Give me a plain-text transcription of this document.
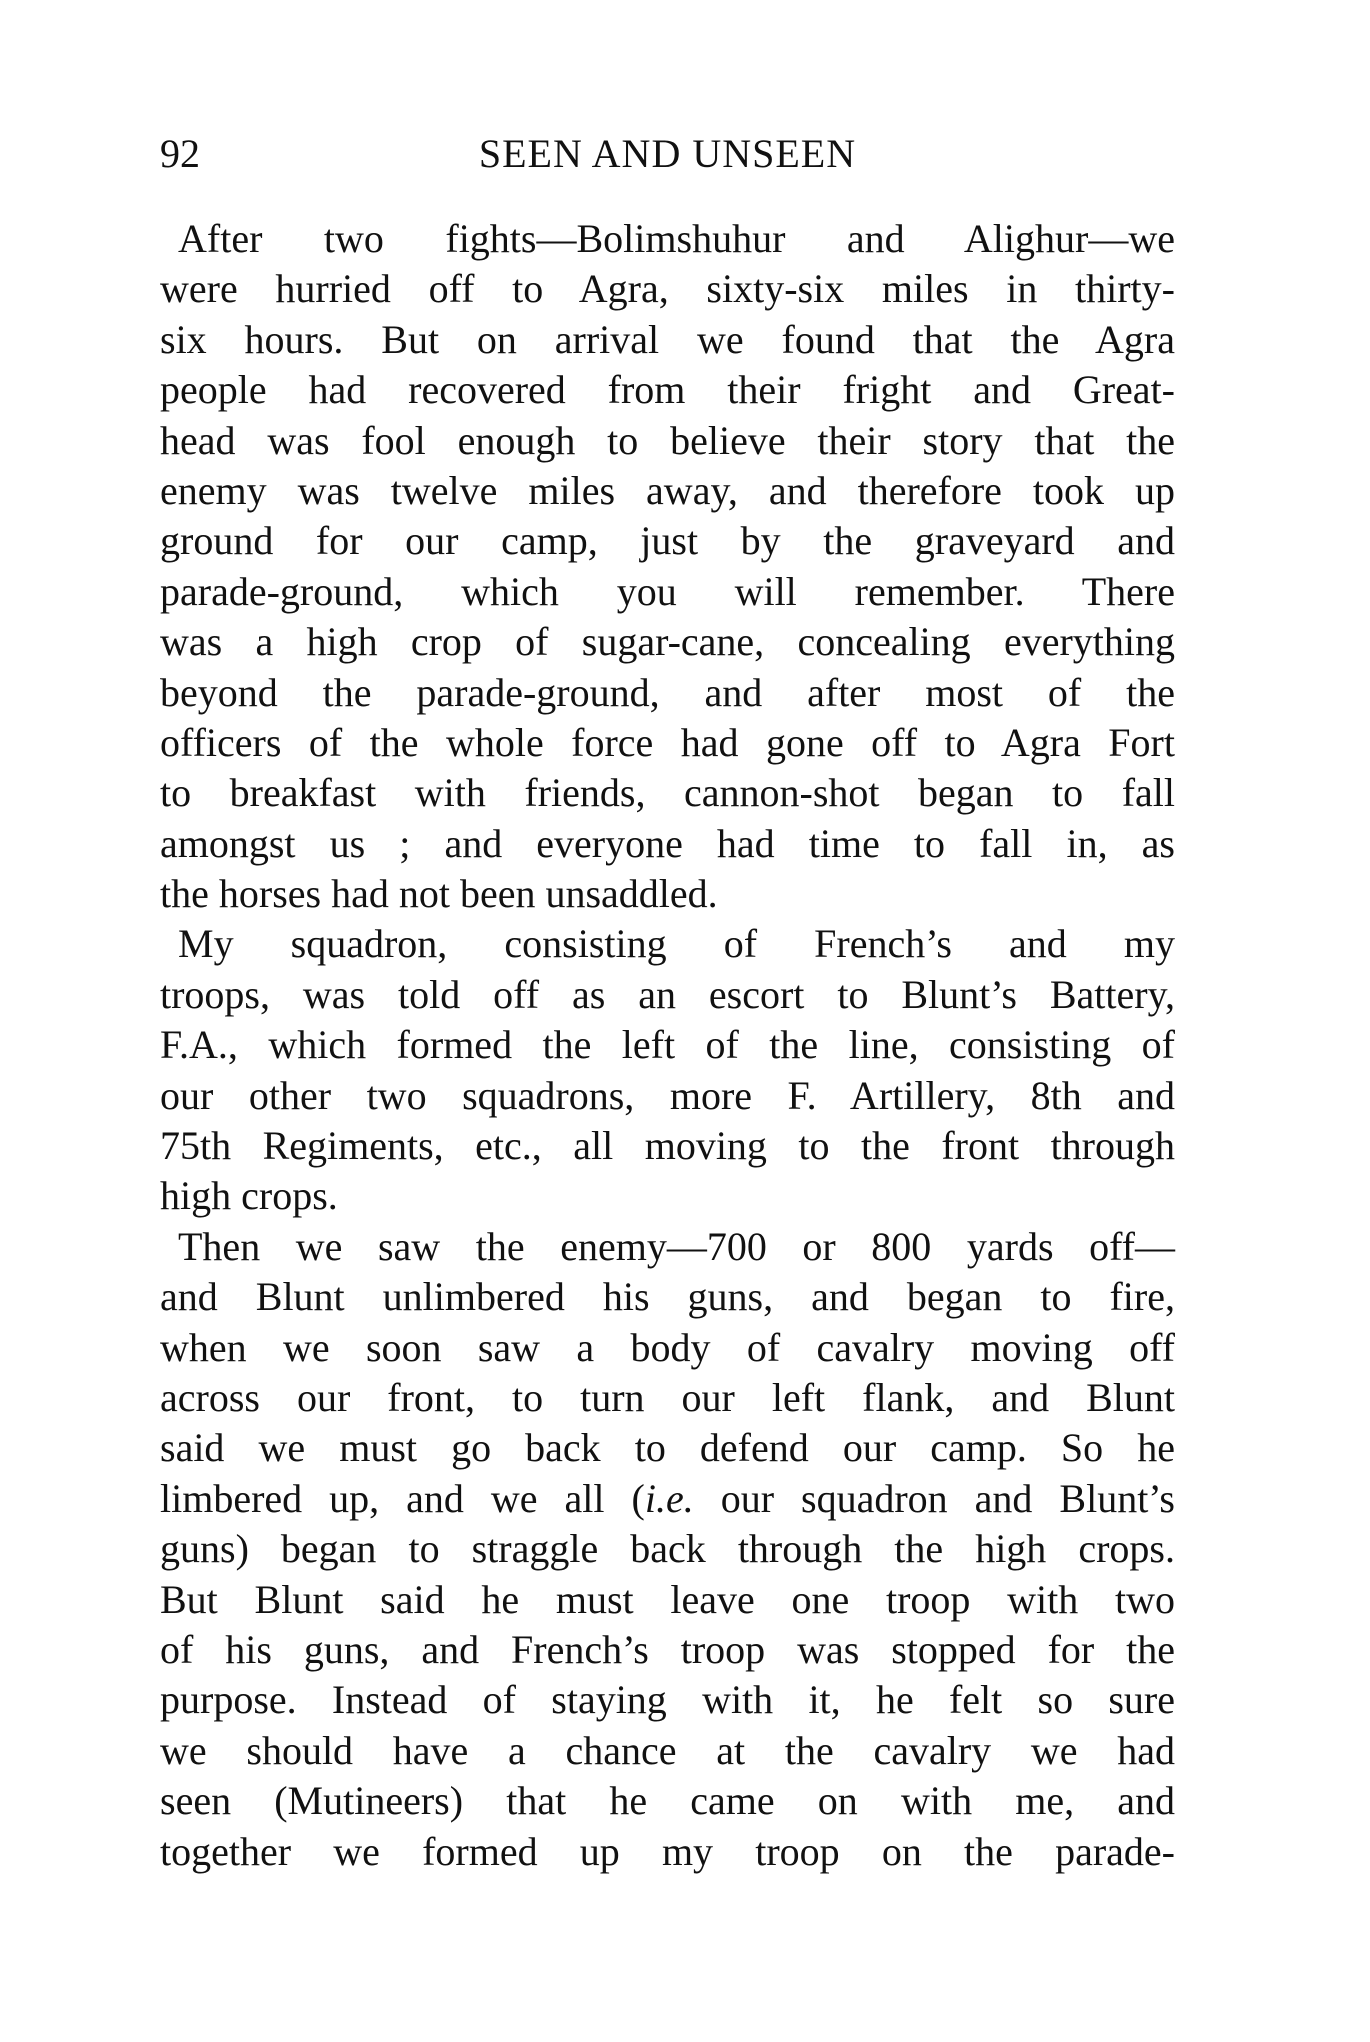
92	SEEN AND UNSEEN
After two fights—Bolimshuhur and Alighur—we
were hurried off to Agra, sixty-six miles in thirty-
six hours. But on arrival we found that the Agra
people had recovered from their fright and Great-
head was fool enough to believe their story that the
enemy was twelve miles away, and therefore took up
ground for our camp, just by the graveyard and
parade-ground, which you will remember. There
was a high crop of sugar-cane, concealing everything
beyond the parade-ground, and after most of the
officers of the whole force had gone off to Agra Fort
to breakfast with friends, cannon-shot began to fall
amongst us ; and everyone had time to fall in, as
the horses had not been unsaddled.
My squadron, consisting of French’s and my
troops, was told off as an escort to Blunt’s Battery,
F.A., which formed the left of the line, consisting of
our other two squadrons, more F. Artillery, 8th and
75th Regiments, etc., all moving to the front through
high crops.
Then we saw the enemy—700 or 800 yards off—
and Blunt unlimbered his guns, and began to fire,
when we soon saw a body of cavalry moving off
across our front, to turn our left flank, and Blunt
said we must go back to defend our camp. So he
limbered up, and we all (i.e. our squadron and Blunt’s
guns) began to straggle back through the high crops.
But Blunt said he must leave one troop with two
of his guns, and French’s troop was stopped for the
purpose. Instead of staying with it, he felt so sure
we should have a chance at the cavalry we had
seen (Mutineers) that he came on with me, and
together we formed up my troop on the parade-
